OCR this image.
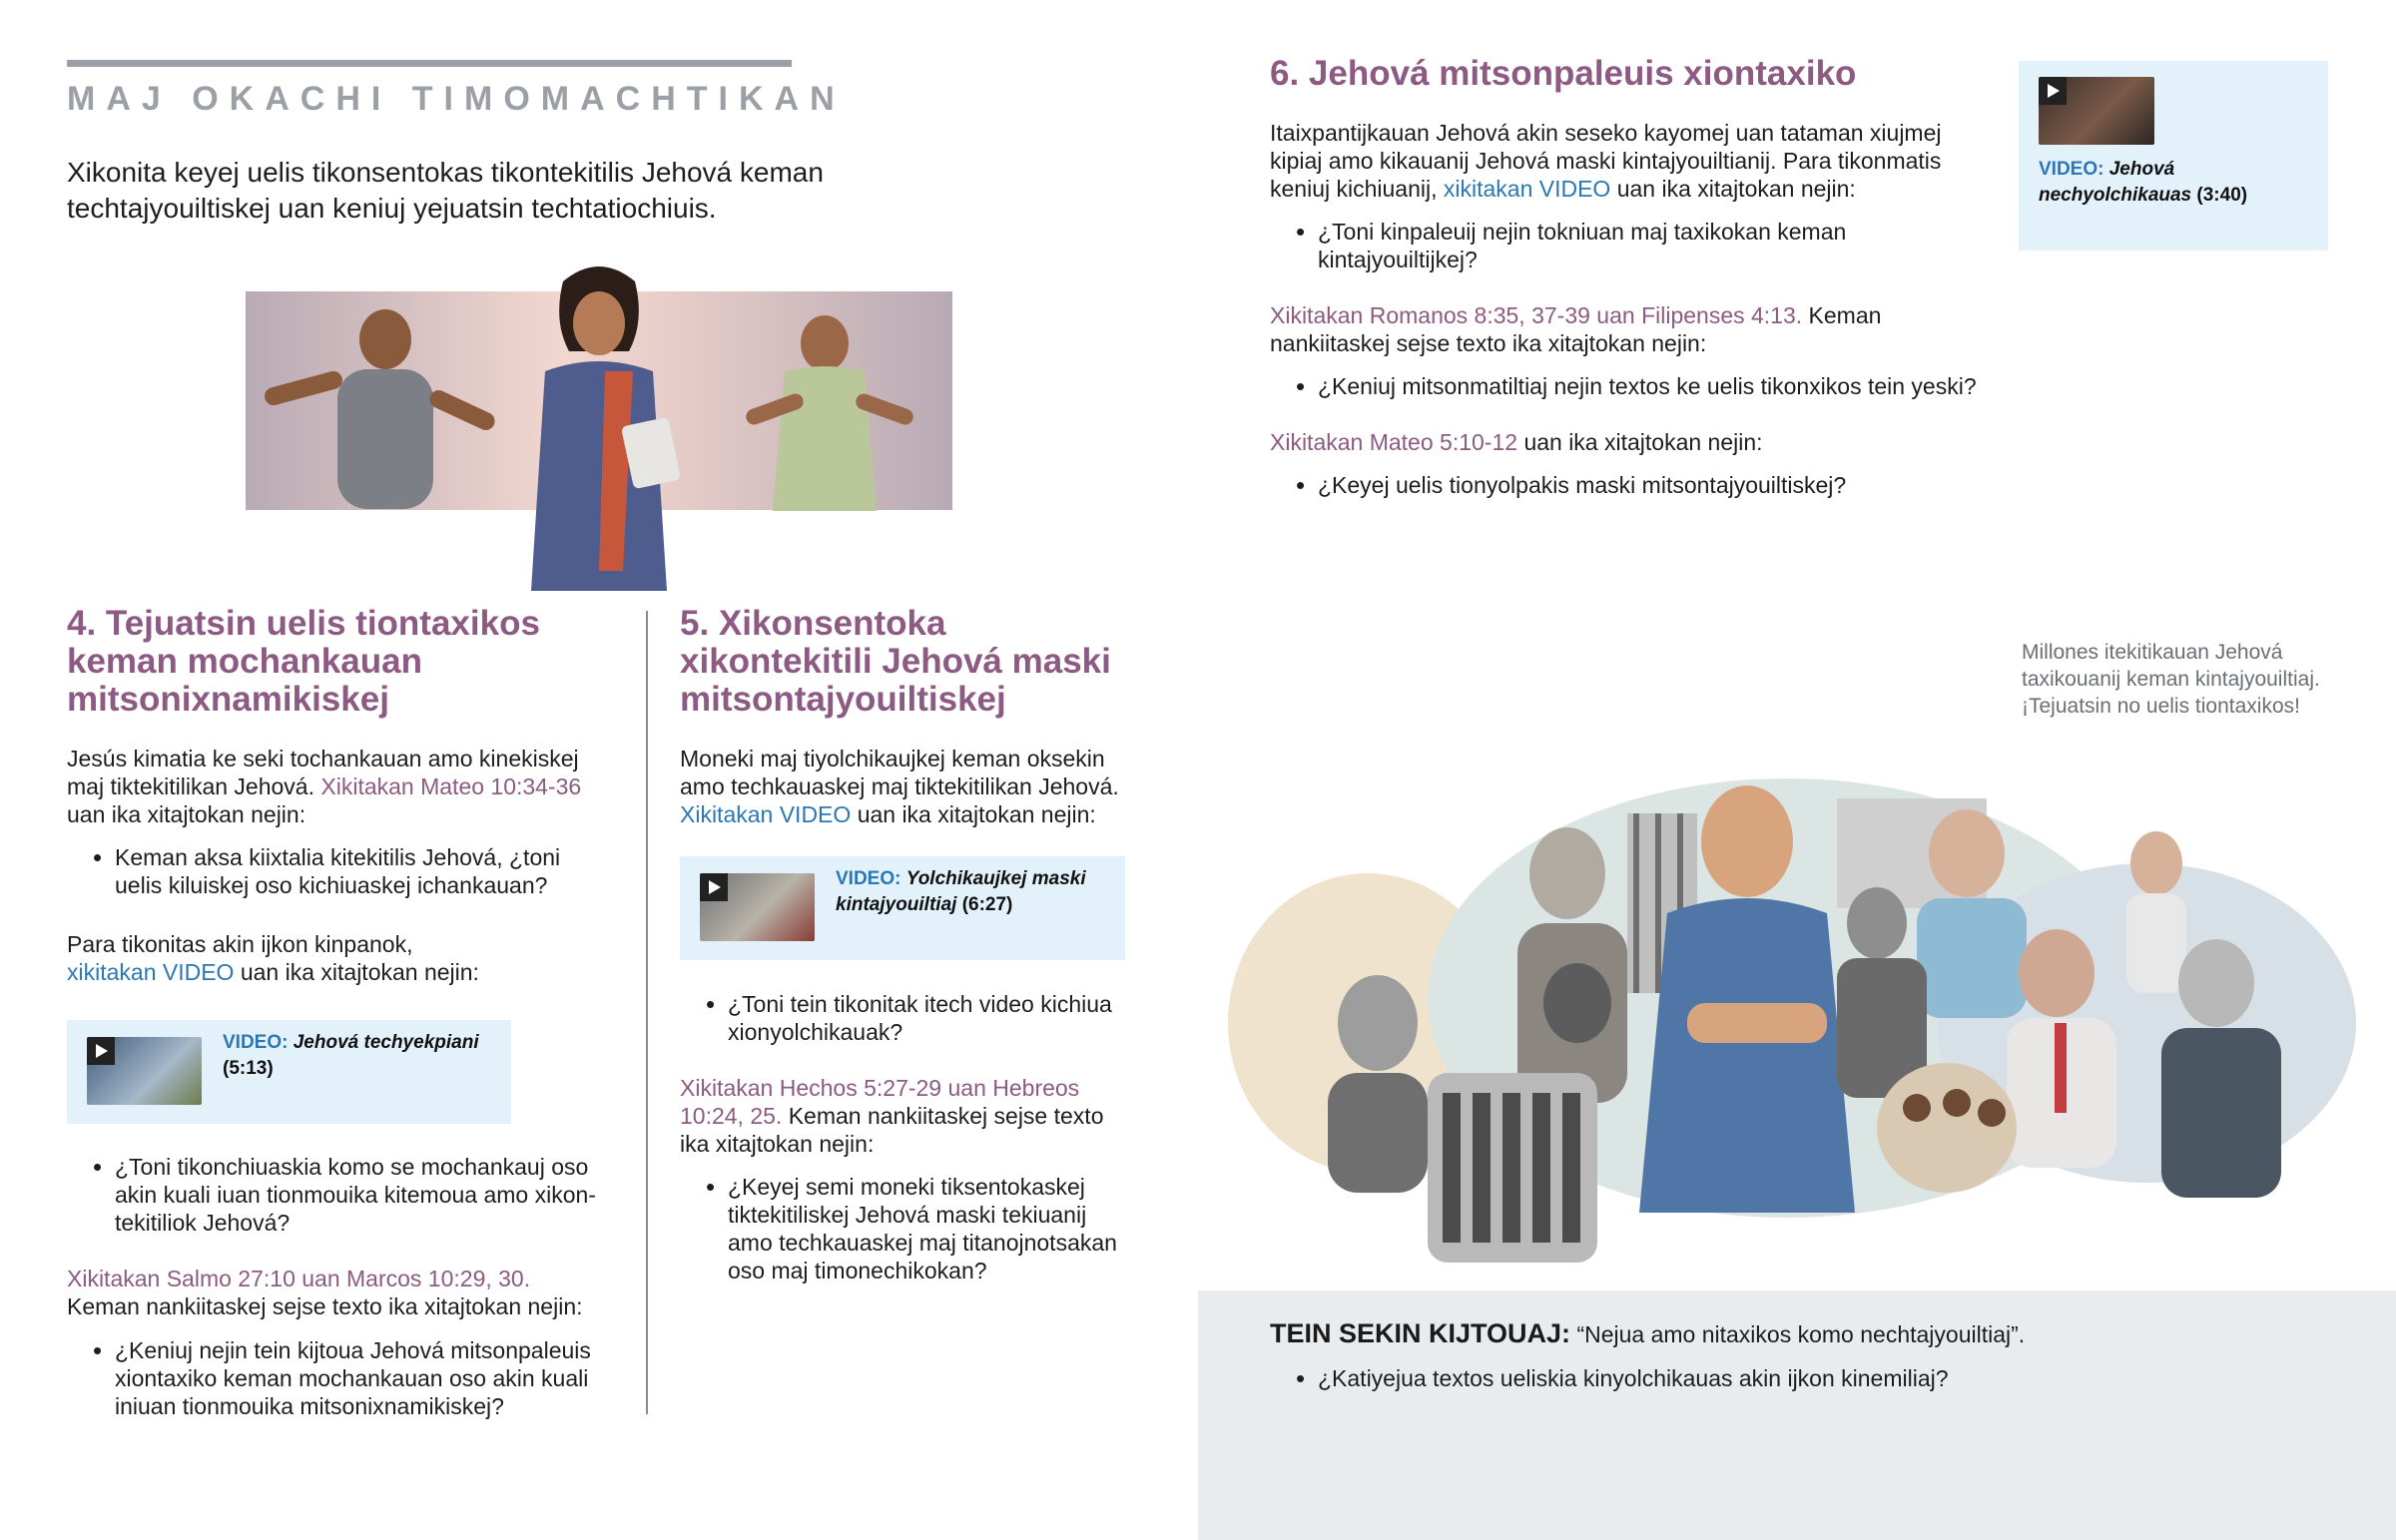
MAJ OKACHI TIMOMACHTIKAN
Xikonita keyej uelis tikonsentokas tikontekitilis Jehová keman techtajyouiltiskej uan keniuj yejuatsin techtatiochiuis.
4. Tejuatsin uelis tiontaxikos
keman mochankauan
mitsonixnamikiskej
Jesús kimatia ke seki tochankauan amo kinekiskej
maj tiktekitilikan Jehová. Xikitakan Mateo 10:34-36
uan ika xitajtokan nejin:
• Keman aksa kiixtalia kitekitilis Jehová, ¿toni
uelis kiluiskej oso kichiuaskej ichankauan?
Para tikonitas akin ijkon kinpanok,
xikitakan VIDEO uan ika xitajtokan nejin:
VIDEO: Jehová techyekpiani
(5:13)
• ¿Toni tikonchiuaskia komo se mochankauj oso
akin kuali iuan tionmouika kitemoua amo xikon-
tekitiliok Jehová?
Xikitakan Salmo 27:10 uan Marcos 10:29, 30.
Keman nankiitaskej sejse texto ika xitajtokan nejin:
• ¿Keniuj nejin tein kijtoua Jehová mitsonpaleuis
xiontaxiko keman mochankauan oso akin kuali
iniuan tionmouika mitsonixnamikiskej?
5. Xikonsentoka
xikontekitili Jehová maski
mitsontajyouiltiskej
Moneki maj tiyolchikaujkej keman oksekin
amo techkauaskej maj tiktekitilikan Jehová.
Xikitakan VIDEO uan ika xitajtokan nejin:
VIDEO: Yolchikaujkej maski
kintajyouiltiaj (6:27)
• ¿Toni tein tikonitak itech video kichiua
xionyolchikauak?
Xikitakan Hechos 5:27-29 uan Hebreos
10:24, 25. Keman nankiitaskej sejse texto
ika xitajtokan nejin:
• ¿Keyej semi moneki tiksentokaskej
tiktekitiliskej Jehová maski tekiuanij
amo techkauaskej maj titanojnotsakan
oso maj timonechikokan?
6. Jehová mitsonpaleuis xiontaxiko
Itaixpantijkauan Jehová akin seseko kayomej uan tataman xiujmej
kipiaj amo kikauanij Jehová maski kintajyouiltianij. Para tikonmatis
keniuj kichiuanij, xikitakan VIDEO uan ika xitajtokan nejin:
• ¿Toni kinpaleuij nejin tokniuan maj taxikokan keman
kintajyouiltijkej?
Xikitakan Romanos 8:35, 37-39 uan Filipenses 4:13. Keman
nankiitaskej sejse texto ika xitajtokan nejin:
• ¿Keniuj mitsonmatiltiaj nejin textos ke uelis tikonxikos tein yeski?
Xikitakan Mateo 5:10-12 uan ika xitajtokan nejin:
• ¿Keyej uelis tionyolpakis maski mitsontajyouiltiskej?
VIDEO: Jehová
nechyolchikauas (3:40)
Millones itekitikauan Jehová
taxikouanij keman kintajyouiltiaj.
¡Tejuatsin no uelis tiontaxikos!
TEIN SEKIN KIJTOUAJ: “Nejua amo nitaxikos komo nechtajyouiltiaj”.
• ¿Katiyejua textos ueliskia kinyolchikauas akin ijkon kinemiliaj?
